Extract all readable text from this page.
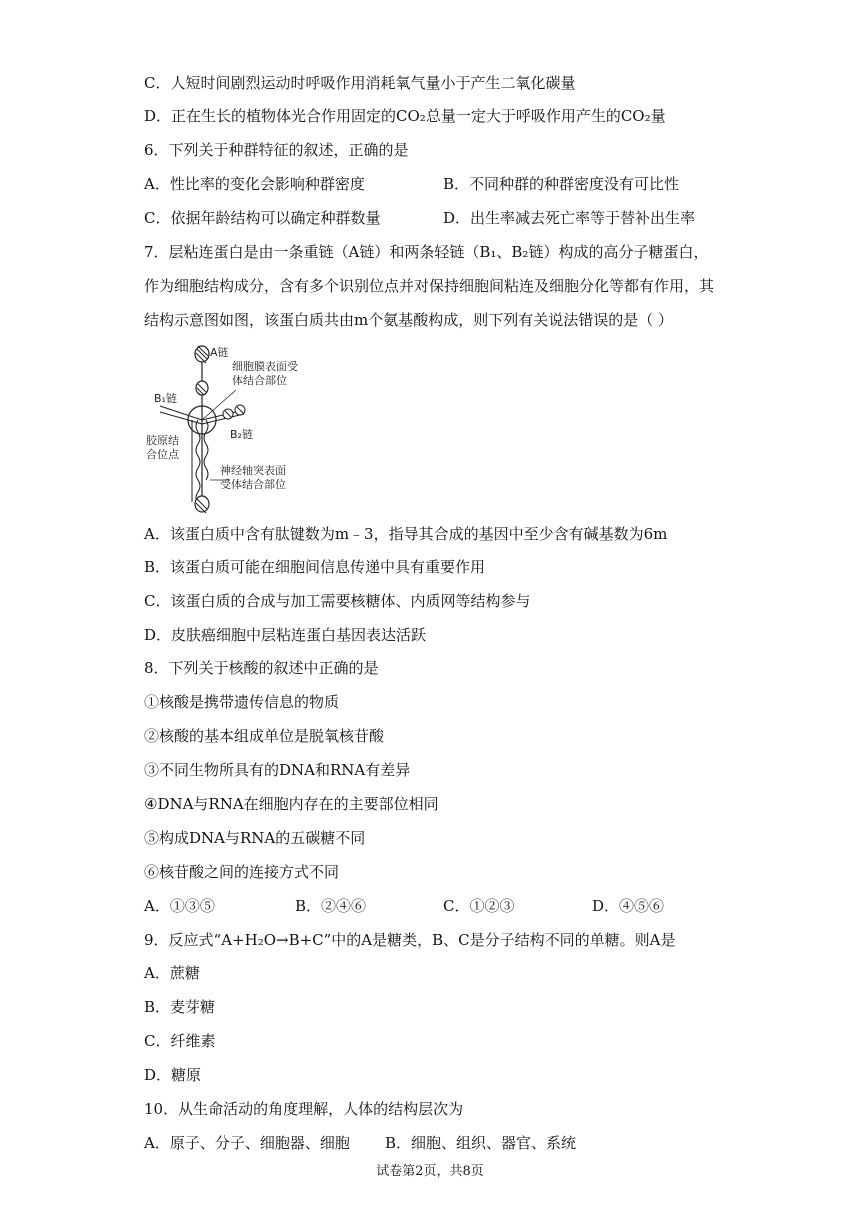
C．人短时间剧烈运动时呼吸作用消耗氧气量小于产生二氧化碳量
D．正在生长的植物体光合作用固定的CO₂总量一定大于呼吸作用产生的CO₂量
6．下列关于种群特征的叙述，正确的是
A．性比率的变化会影响种群密度	B．不同种群的种群密度没有可比性
C．依据年龄结构可以确定种群数量	D．出生率减去死亡率等于替补出生率
7．层粘连蛋白是由一条重链（A链）和两条轻链（B₁、B₂链）构成的高分子糖蛋白，
作为细胞结构成分，含有多个识别位点并对保持细胞间粘连及细胞分化等都有作用，其
结构示意图如图，该蛋白质共由m个氨基酸构成，则下列有关说法错误的是（ ）
A链
细胞膜表面受
体结合部位
B₁链
B₂链
胶原结
合位点
神经轴突表面
受体结合部位
A．该蛋白质中含有肽键数为m﹣3，指导其合成的基因中至少含有碱基数为6m
B．该蛋白质可能在细胞间信息传递中具有重要作用
C．该蛋白质的合成与加工需要核糖体、内质网等结构参与
D．皮肤癌细胞中层粘连蛋白基因表达活跃
8．下列关于核酸的叙述中正确的是
①核酸是携带遗传信息的物质
②核酸的基本组成单位是脱氧核苷酸
③不同生物所具有的DNA和RNA有差异
④DNA与RNA在细胞内存在的主要部位相同
⑤构成DNA与RNA的五碳糖不同
⑥核苷酸之间的连接方式不同
A．①③⑤	B．②④⑥	C．①②③	D．④⑤⑥
9．反应式“A+H₂O→B+C”中的A是糖类，B、C是分子结构不同的单糖。则A是
A．蔗糖
B．麦芽糖
C．纤维素
D．糖原
10．从生命活动的角度理解，人体的结构层次为
A．原子、分子、细胞器、细胞 B．细胞、组织、器官、系统
试卷第2页，共8页
